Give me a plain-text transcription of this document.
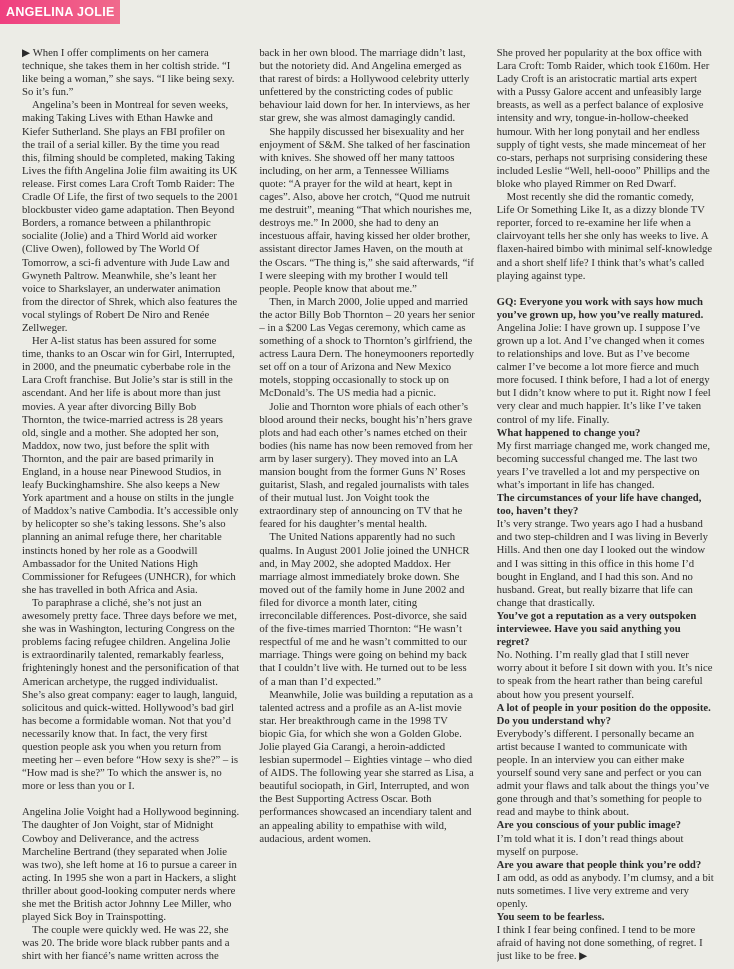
ANGELINA JOLIE

▶ When I offer compliments on her camera technique, she takes them in her coltish stride. “I like being a woman,” she says. “I like being sexy. So it’s fun.”

Angelina’s been in Montreal for seven weeks, making Taking Lives with Ethan Hawke and Kiefer Sutherland. She plays an FBI profiler on the trail of a serial killer. By the time you read this, filming should be completed, making Taking Lives the fifth Angelina Jolie film awaiting its UK release. First comes Lara Croft Tomb Raider: The Cradle Of Life, the first of two sequels to the 2001 blockbuster video game adaptation. Then Beyond Borders, a romance between a philanthropic socialite (Jolie) and a Third World aid worker (Clive Owen), followed by The World Of Tomorrow, a sci-fi adventure with Jude Law and Gwyneth Paltrow. Meanwhile, she’s leant her voice to Sharkslayer, an underwater animation from the director of Shrek, which also features the vocal stylings of Robert De Niro and Renée Zellweger.

Her A-list status has been assured for some time, thanks to an Oscar win for Girl, Interrupted, in 2000, and the pneumatic cyberbabe role in the Lara Croft franchise. But Jolie’s star is still in the ascendant. And her life is about more than just movies. A year after divorcing Billy Bob Thornton, the twice-married actress is 28 years old, single and a mother. She adopted her son, Maddox, now two, just before the split with Thornton, and the pair are based primarily in England, in a house near Pinewood Studios, in leafy Buckinghamshire. She also keeps a New York apartment and a house on stilts in the jungle of Maddox’s native Cambodia. It’s accessible only by helicopter so she’s taking lessons. She’s also planning an animal refuge there, her charitable instincts honed by her role as a Goodwill Ambassador for the United Nations High Commissioner for Refugees (UNHCR), for which she has travelled in both Africa and Asia.

To paraphrase a cliché, she’s not just an awesomely pretty face. Three days before we met, she was in Washington, lecturing Congress on the problems facing refugee children. Angelina Jolie is extraordinarily talented, remarkably fearless, frighteningly honest and the personification of that American archetype, the rugged individualist. She’s also great company: eager to laugh, languid, solicitous and quick-witted. Hollywood’s bad girl has become a formidable woman. Not that you’d necessarily know that. In fact, the very first question people ask you when you return from meeting her – even before “How sexy is she?” – is “How mad is she?” To which the answer is, no more or less than you or I.

Angelina Jolie Voight had a Hollywood beginning. The daughter of Jon Voight, star of Midnight Cowboy and Deliverance, and the actress Marcheline Bertrand (they separated when Jolie was two), she left home at 16 to pursue a career in acting. In 1995 she won a part in Hackers, a slight thriller about good-looking computer nerds where she met the British actor Johnny Lee Miller, who played Sick Boy in Trainspotting.

The couple were quickly wed. He was 22, she was 20. The bride wore black rubber pants and a shirt with her fiancé’s name written across the

back in her own blood. The marriage didn’t last, but the notoriety did. And Angelina emerged as that rarest of birds: a Hollywood celebrity utterly unfettered by the constricting codes of public behaviour laid down for her. In interviews, as her star grew, she was almost damagingly candid.

She happily discussed her bisexuality and her enjoyment of S&M. She talked of her fascination with knives. She showed off her many tattoos including, on her arm, a Tennessee Williams quote: “A prayer for the wild at heart, kept in cages”. Also, above her crotch, “Quod me nutruit me destruit”, meaning “That which nourishes me, destroys me.” In 2000, she had to deny an incestuous affair, having kissed her older brother, assistant director James Haven, on the mouth at the Oscars. “The thing is,” she said afterwards, “if I were sleeping with my brother I would tell people. People know that about me.”

Then, in March 2000, Jolie upped and married the actor Billy Bob Thornton – 20 years her senior – in a $200 Las Vegas ceremony, which came as something of a shock to Thornton’s girlfriend, the actress Laura Dern. The honeymooners reportedly set off on a tour of Arizona and New Mexico motels, stopping occasionally to stock up on McDonald’s. The US media had a picnic.

Jolie and Thornton wore phials of each other’s blood around their necks, bought his’n’hers grave plots and had each other’s names etched on their bodies (his name has now been removed from her arm by laser surgery). They moved into an LA mansion bought from the former Guns N’ Roses guitarist, Slash, and regaled journalists with tales of their mutual lust. Jon Voight took the extraordinary step of announcing on TV that he feared for his daughter’s mental health.

The United Nations apparently had no such qualms. In August 2001 Jolie joined the UNHCR and, in May 2002, she adopted Maddox. Her marriage almost immediately broke down. She moved out of the family home in June 2002 and filed for divorce a month later, citing irreconcilable differences. Post-divorce, she said of the five-times married Thornton: “He wasn’t respectful of me and he wasn’t committed to our marriage. Things were going on behind my back that I couldn’t live with. He turned out to be less of a man than I’d expected.”

Meanwhile, Jolie was building a reputation as a talented actress and a profile as an A-list movie star. Her breakthrough came in the 1998 TV biopic Gia, for which she won a Golden Globe. Jolie played Gia Carangi, a heroin-addicted lesbian supermodel – Eighties vintage – who died of AIDS. The following year she starred as Lisa, a beautiful sociopath, in Girl, Interrupted, and won the Best Supporting Actress Oscar. Both performances showcased an incendiary talent and an appealing ability to empathise with wild, audacious, ardent women.

She proved her popularity at the box office with Lara Croft: Tomb Raider, which took £160m. Her Lady Croft is an aristocratic martial arts expert with a Pussy Galore accent and unfeasibly large breasts, as well as a perfect balance of explosive intensity and wry, tongue-in-hollow-cheeked humour. With her long ponytail and her endless supply of tight vests, she made mincemeat of her co-stars, perhaps not surprising considering these included Leslie “Well, hell-oooo” Phillips and the bloke who played Rimmer on Red Dwarf.

Most recently she did the romantic comedy, Life Or Something Like It, as a dizzy blonde TV reporter, forced to re-examine her life when a clairvoyant tells her she only has weeks to live. A flaxen-haired bimbo with minimal self-knowledge and a short shelf life? I think that’s what’s called playing against type.

GQ: Everyone you work with says how much you’ve grown up, how you’ve really matured.

Angelina Jolie: I have grown up. I suppose I’ve grown up a lot. And I’ve changed when it comes to relationships and love. But as I’ve become calmer I’ve become a lot more fierce and much more focused. I think before, I had a lot of energy but I didn’t know where to put it. Right now I feel very clear and much happier. It’s like I’ve taken control of my life. Finally.

What happened to change you?

My first marriage changed me, work changed me, becoming successful changed me. The last two years I’ve travelled a lot and my perspective on what’s important in life has changed.

The circumstances of your life have changed, too, haven’t they?

It’s very strange. Two years ago I had a husband and two step-children and I was living in Beverly Hills. And then one day I looked out the window and I was sitting in this office in this home I’d bought in England, and I had this son. And no husband. Great, but really bizarre that life can change that drastically.

You’ve got a reputation as a very outspoken interviewee. Have you said anything you regret?

No. Nothing. I’m really glad that I still never worry about it before I sit down with you. It’s nice to speak from the heart rather than being careful about how you present yourself.

A lot of people in your position do the opposite. Do you understand why?

Everybody’s different. I personally became an artist because I wanted to communicate with people. In an interview you can either make yourself sound very sane and perfect or you can admit your flaws and talk about the things you’ve gone through and that’s something for people to read and maybe to think about.

Are you conscious of your public image?

I’m told what it is. I don’t read things about myself on purpose.

Are you aware that people think you’re odd?

I am odd, as odd as anybody. I’m clumsy, and a bit nuts sometimes. I live very extreme and very openly.

You seem to be fearless.

I think I fear being confined. I tend to be more afraid of having not done something, of regret. I just like to be free. ▶
